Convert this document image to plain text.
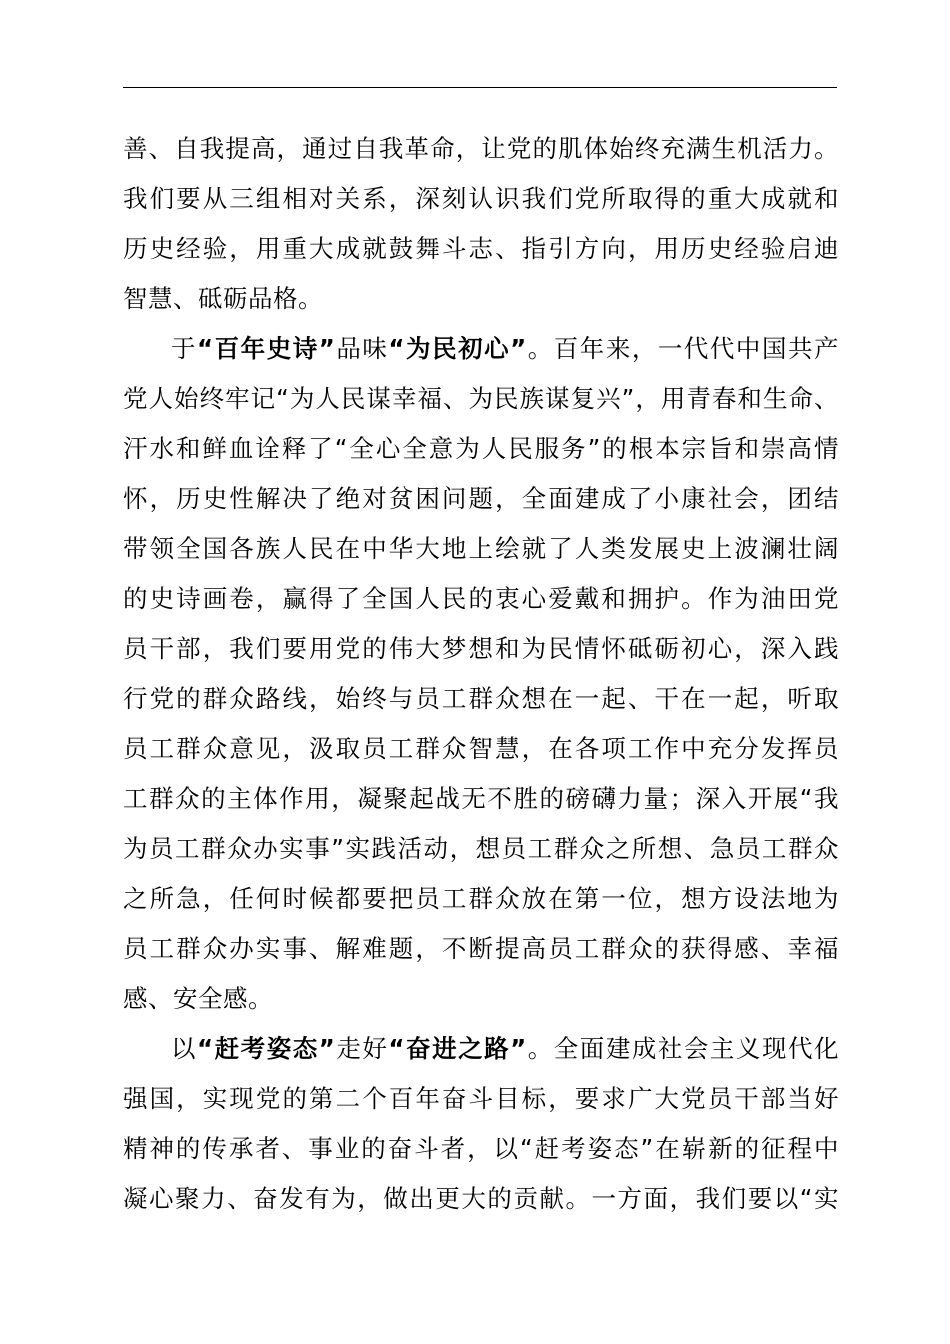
善、自我提高，通过自我革命，让党的肌体始终充满生机活力。
我们要从三组相对关系，深刻认识我们党所取得的重大成就和
历史经验，用重大成就鼓舞斗志、指引方向，用历史经验启迪
智慧、砥砺品格。
于“百年史诗”品味“为民初心”。百年来，一代代中国共产
党人始终牢记“为人民谋幸福、为民族谋复兴”，用青春和生命、
汗水和鲜血诠释了“全心全意为人民服务”的根本宗旨和崇高情
怀，历史性解决了绝对贫困问题，全面建成了小康社会，团结
带领全国各族人民在中华大地上绘就了人类发展史上波澜壮阔
的史诗画卷，赢得了全国人民的衷心爱戴和拥护。作为油田党
员干部，我们要用党的伟大梦想和为民情怀砥砺初心，深入践
行党的群众路线，始终与员工群众想在一起、干在一起，听取
员工群众意见，汲取员工群众智慧，在各项工作中充分发挥员
工群众的主体作用，凝聚起战无不胜的磅礴力量；深入开展“我
为员工群众办实事”实践活动，想员工群众之所想、急员工群众
之所急，任何时候都要把员工群众放在第一位，想方设法地为
员工群众办实事、解难题，不断提高员工群众的获得感、幸福
感、安全感。
以“赶考姿态”走好“奋进之路”。全面建成社会主义现代化
强国，实现党的第二个百年奋斗目标，要求广大党员干部当好
精神的传承者、事业的奋斗者，以“赶考姿态”在崭新的征程中
凝心聚力、奋发有为，做出更大的贡献。一方面，我们要以“实
